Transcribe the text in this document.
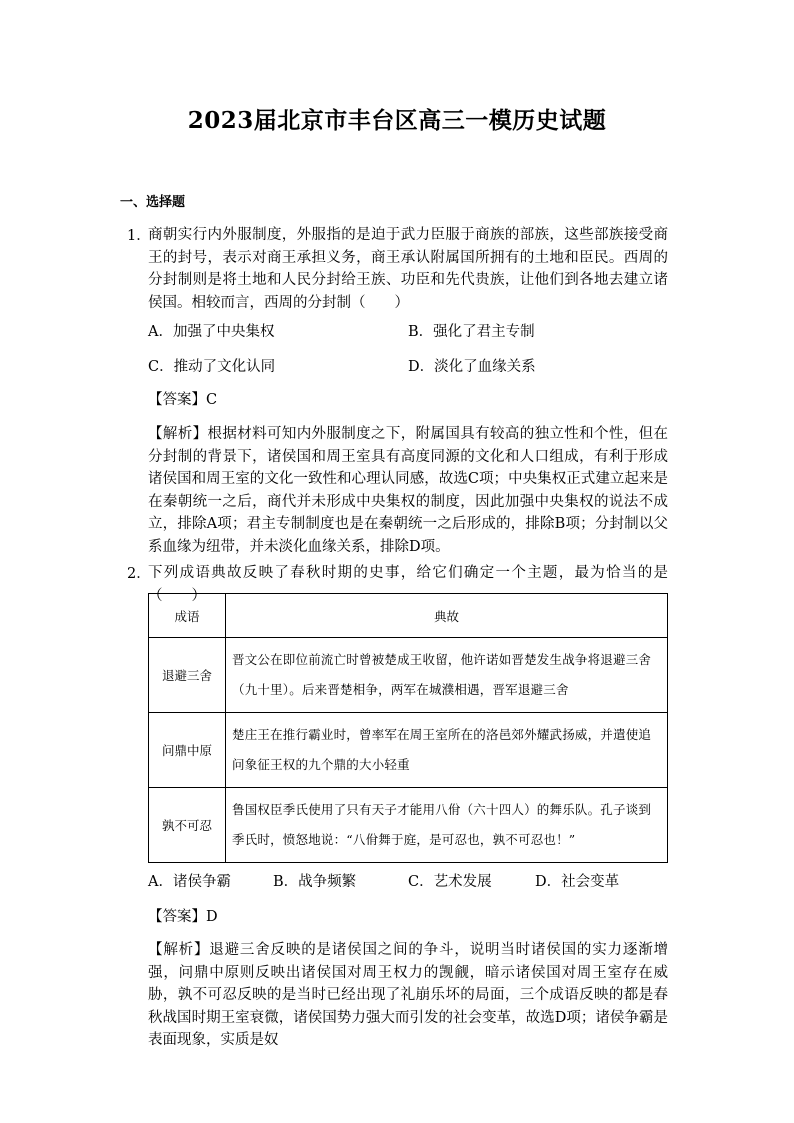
2023届北京市丰台区高三一模历史试题
一、选择题
1．
商朝实行内外服制度，外服指的是迫于武力臣服于商族的部族，这些部族接受商王的封号，表示对商王承担义务，商王承认附属国所拥有的土地和臣民。西周的分封制则是将土地和人民分封给王族、功臣和先代贵族，让他们到各地去建立诸侯国。相较而言，西周的分封制（　　）
A．加强了中央集权	B．强化了君主专制
C．推动了文化认同	D．淡化了血缘关系
【答案】C
【解析】根据材料可知内外服制度之下，附属国具有较高的独立性和个性，但在分封制的背景下，诸侯国和周王室具有高度同源的文化和人口组成，有利于形成诸侯国和周王室的文化一致性和心理认同感，故选C项；中央集权正式建立起来是在秦朝统一之后，商代并未形成中央集权的制度，因此加强中央集权的说法不成立，排除A项；君主专制制度也是在秦朝统一之后形成的，排除B项；分封制以父系血缘为纽带，并未淡化血缘关系，排除D项。
2．
下列成语典故反映了春秋时期的史事，给它们确定一个主题，最为恰当的是（　　）
成语	典故
退避三舍	晋文公在即位前流亡时曾被楚成王收留，他许诺如晋楚发生战争将退避三舍（九十里）。后来晋楚相争，两军在城濮相遇，晋军退避三舍
问鼎中原	楚庄王在推行霸业时，曾率军在周王室所在的洛邑郊外耀武扬威，并遣使追问象征王权的九个鼎的大小轻重
孰不可忍	鲁国权臣季氏使用了只有天子才能用八佾（六十四人）的舞乐队。孔子谈到季氏时，愤怒地说：“八佾舞于庭，是可忍也，孰不可忍也！”
A．诸侯争霸	B．战争频繁	C．艺术发展	D．社会变革
【答案】D
【解析】退避三舍反映的是诸侯国之间的争斗，说明当时诸侯国的实力逐渐增强，问鼎中原则反映出诸侯国对周王权力的觊觎，暗示诸侯国对周王室存在威胁，孰不可忍反映的是当时已经出现了礼崩乐坏的局面，三个成语反映的都是春秋战国时期王室衰微，诸侯国势力强大而引发的社会变革，故选D项；诸侯争霸是表面现象，实质是奴
